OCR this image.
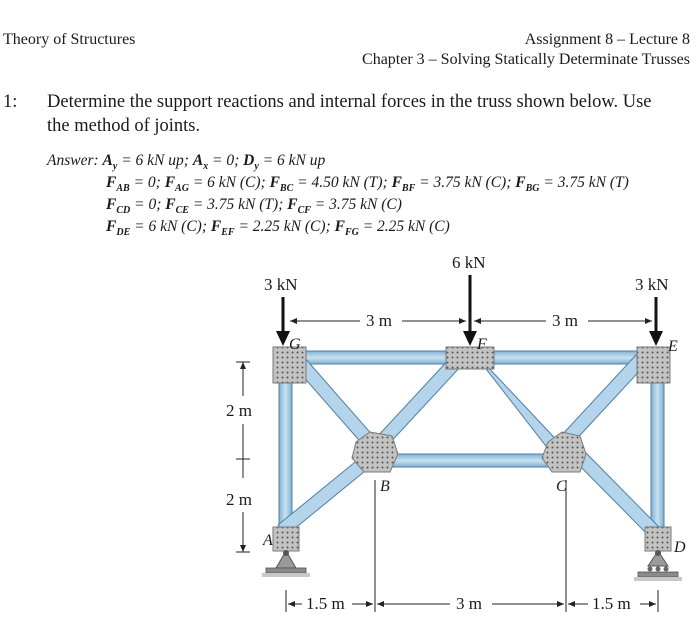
Theory of Structures	Assignment 8 – Lecture 8
Chapter 3 – Solving Statically Determinate Trusses
1: Determine the support reactions and internal forces in the truss shown below. Use
the method of joints.
Answer: $A_y = 6$ kN up; $A_x = 0$; $D_y = 6$ kN up
$F_{AB} = 0$; $F_{AG} = 6$ kN (C); $F_{BC} = 4.50$ kN (T); $F_{BF} = 3.75$ kN (C); $F_{BG} = 3.75$ kN (T)
$F_{CD} = 0$; $F_{CE} = 3.75$ kN (T); $F_{CF} = 3.75$ kN (C)
$F_{DE} = 6$ kN (C); $F_{EF} = 2.25$ kN (C); $F_{FG} = 2.25$ kN (C)
3 kN
6 kN
3 kN
3 m	3 m
2 m
2 m
1.5 m	3 m	1.5 m
A
B	C
D
E
F
G
